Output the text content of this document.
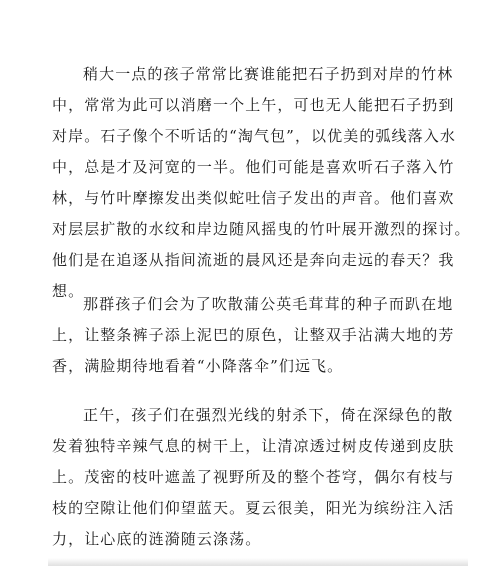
稍大一点的孩子常常比赛谁能把石子扔到对岸的竹林
中，常常为此可以消磨一个上午，可也无人能把石子扔到
对岸。石子像个不听话的“淘气包”，以优美的弧线落入水
中，总是才及河宽的一半。他们可能是喜欢听石子落入竹
林，与竹叶摩擦发出类似蛇吐信子发出的声音。他们喜欢
对层层扩散的水纹和岸边随风摇曳的竹叶展开激烈的探讨。
他们是在追逐从指间流逝的晨风还是奔向走远的春天？我
想。

那群孩子们会为了吹散蒲公英毛茸茸的种子而趴在地
上，让整条裤子添上泥巴的原色，让整双手沾满大地的芳
香，满脸期待地看着“小降落伞”们远飞。

正午，孩子们在强烈光线的射杀下，倚在深绿色的散
发着独特辛辣气息的树干上，让清凉透过树皮传递到皮肤
上。茂密的枝叶遮盖了视野所及的整个苍穹，偶尔有枝与
枝的空隙让他们仰望蓝天。夏云很美，阳光为缤纷注入活
力，让心底的涟漪随云涤荡。
